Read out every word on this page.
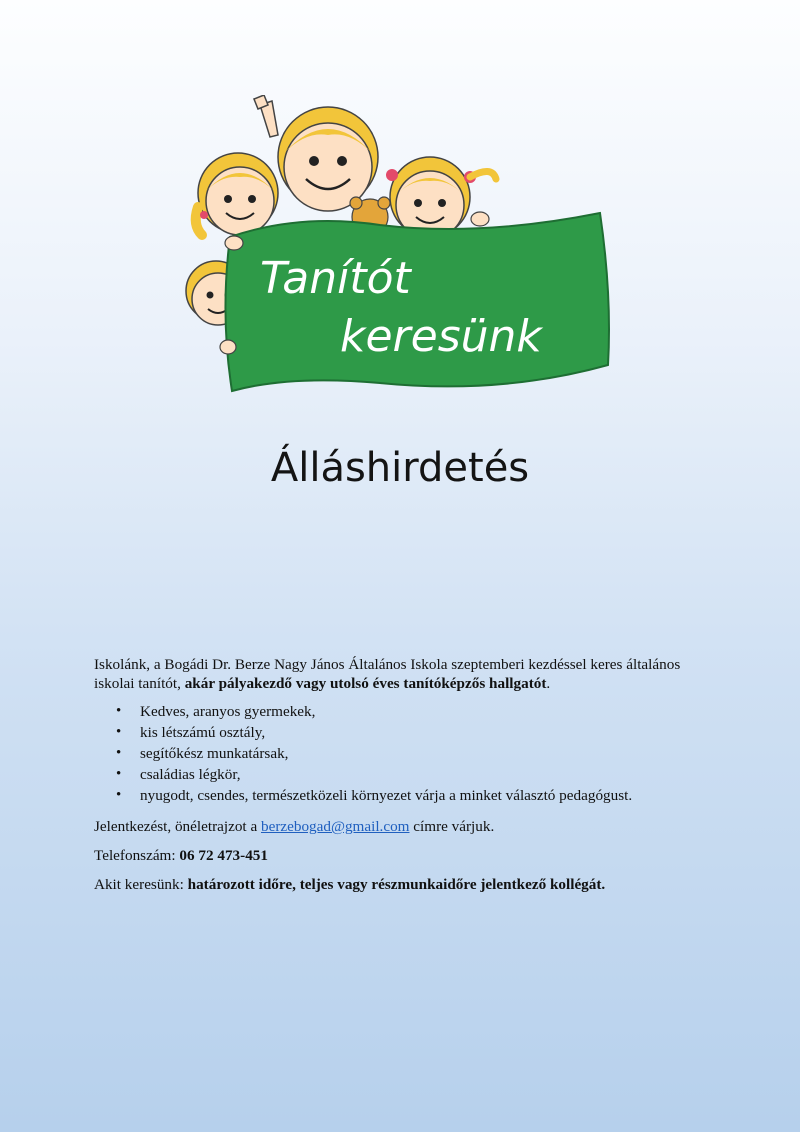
Tanítót
keresünk
Álláshirdetés

Iskolánk, a Bogádi Dr. Berze Nagy János Általános Iskola szeptemberi kezdéssel keres általános iskolai tanítót, akár pályakezdő vagy utolsó éves tanítóképzős hallgatót.

• Kedves, aranyos gyermekek,
• kis létszámú osztály,
• segítőkész munkatársak,
• családias légkör,
• nyugodt, csendes, természetközeli környezet várja a minket választó pedagógust.

Jelentkezést, önéletrajzot a berzebogad@gmail.com címre várjuk.

Telefonszám: 06 72 473-451

Akit keresünk: határozott időre, teljes vagy részmunkaidőre jelentkező kollégát.
